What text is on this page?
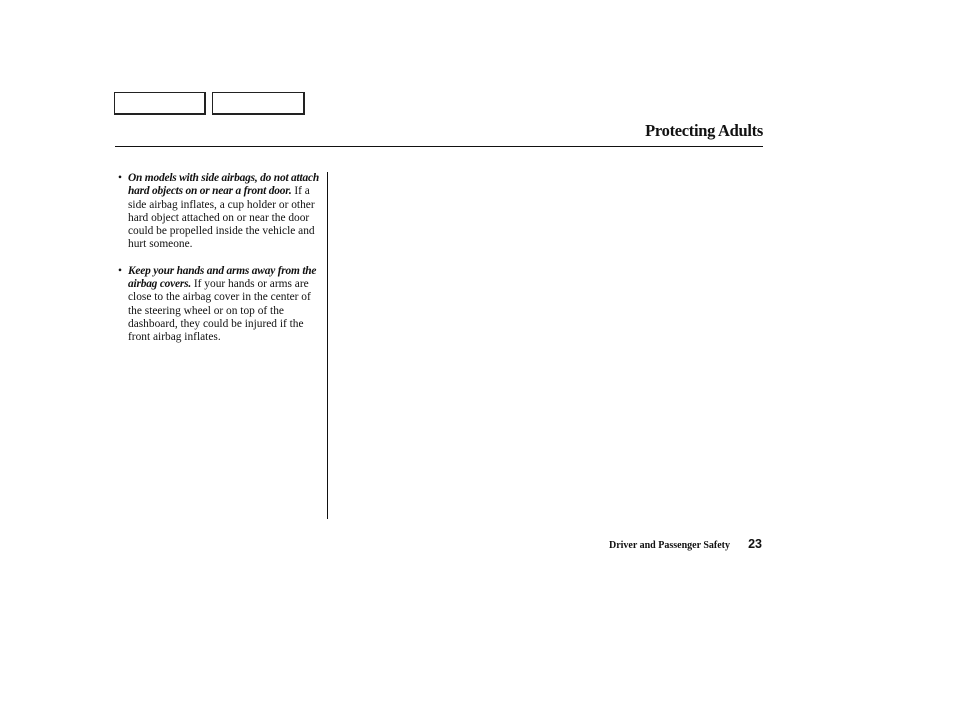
Protecting Adults
• On models with side airbags, do not attach hard objects on or near a front door. If a side airbag inflates, a cup holder or other hard object attached on or near the door could be propelled inside the vehicle and hurt someone.
• Keep your hands and arms away from the airbag covers. If your hands or arms are close to the airbag cover in the center of the steering wheel or on top of the dashboard, they could be injured if the front airbag inflates.
Driver and Passenger Safety 23
